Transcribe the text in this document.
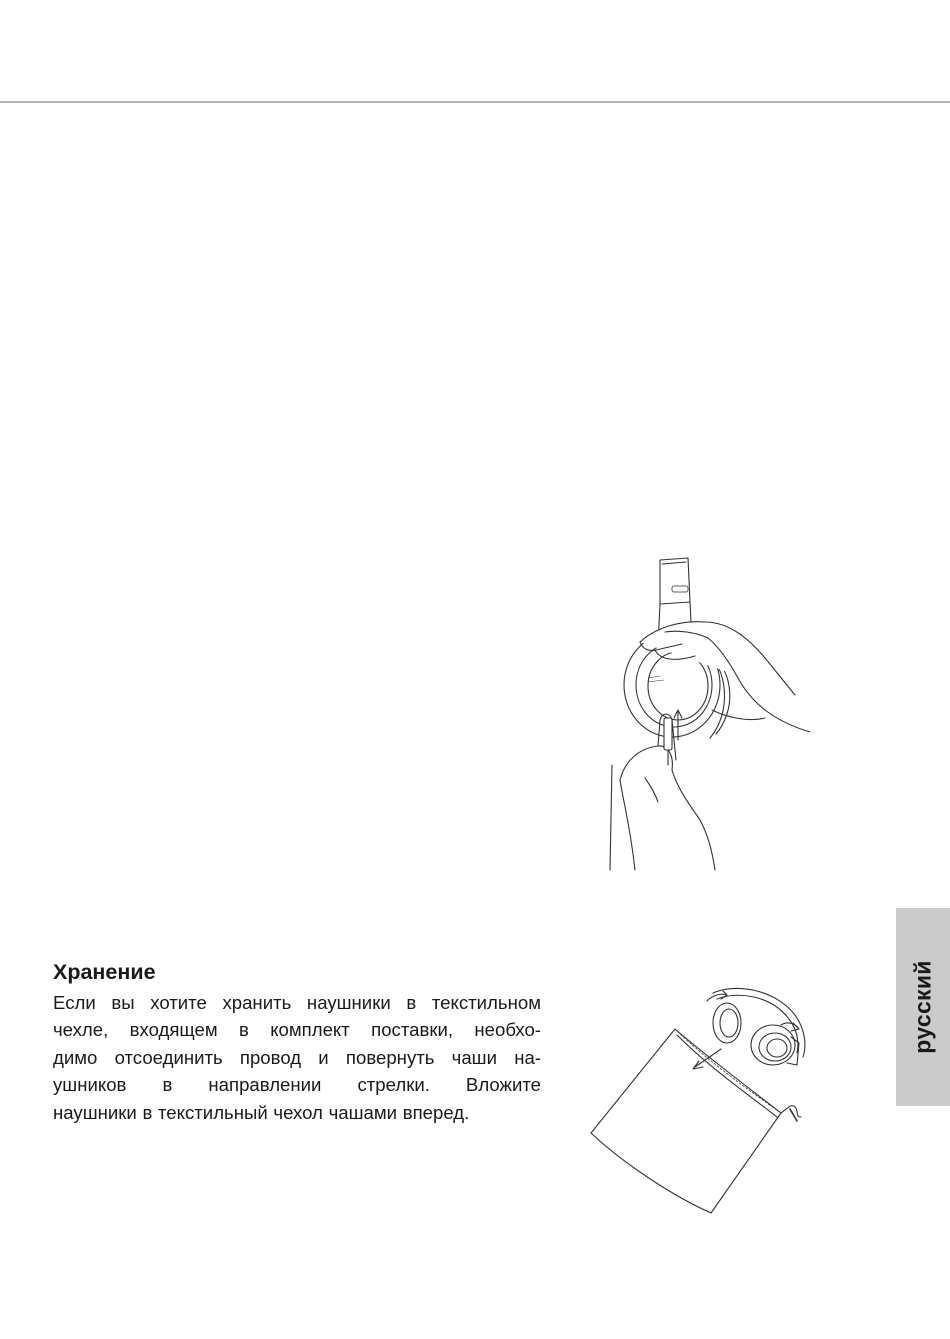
Хранение

Если вы хотите хранить наушники в текстильном
чехле, входящем в комплект поставки, необхо-
димо отсоединить провод и повернуть чаши на-
ушников в направлении стрелки. Вложите
наушники в текстильный чехол чашами вперед.

русский
